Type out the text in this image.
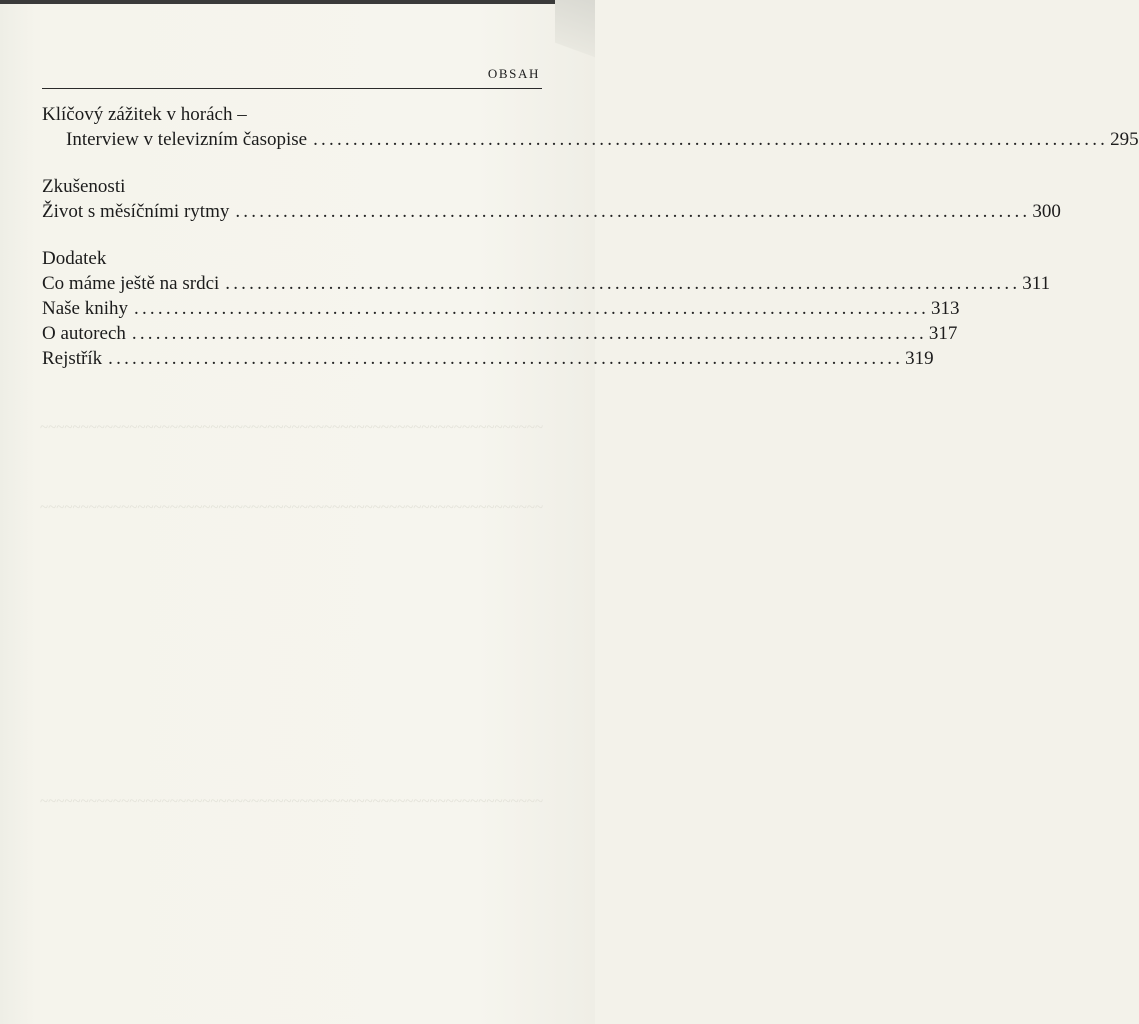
~~~~~~~~~~~~~~~~~~~~~~~~~~~~~~~~~~~~~~~~~~~~~~~~~~~~~~~~~~~~~~
~~~~~~~~~~~~~~~~~~~~~~~~~~~~~~~~~~~~~~~~~~~~~~~~~~~~~~~~~~~~~~
~~~~~~~~~~~~~~~~~~~~~~~~~~~~~~~~~~~~~~~~~~~~~~~~~~~~~~~~~~~~~~
OBSAH
Klíčový zážitek v horách –
Interview v televizním časopise .................................................................................................... 295
Zkušenosti
Život s měsíčními rytmy .................................................................................................... 300
Dodatek
Co máme ještě na srdci .................................................................................................... 311
Naše knihy .................................................................................................... 313
O autorech .................................................................................................... 317
Rejstřík .................................................................................................... 319
